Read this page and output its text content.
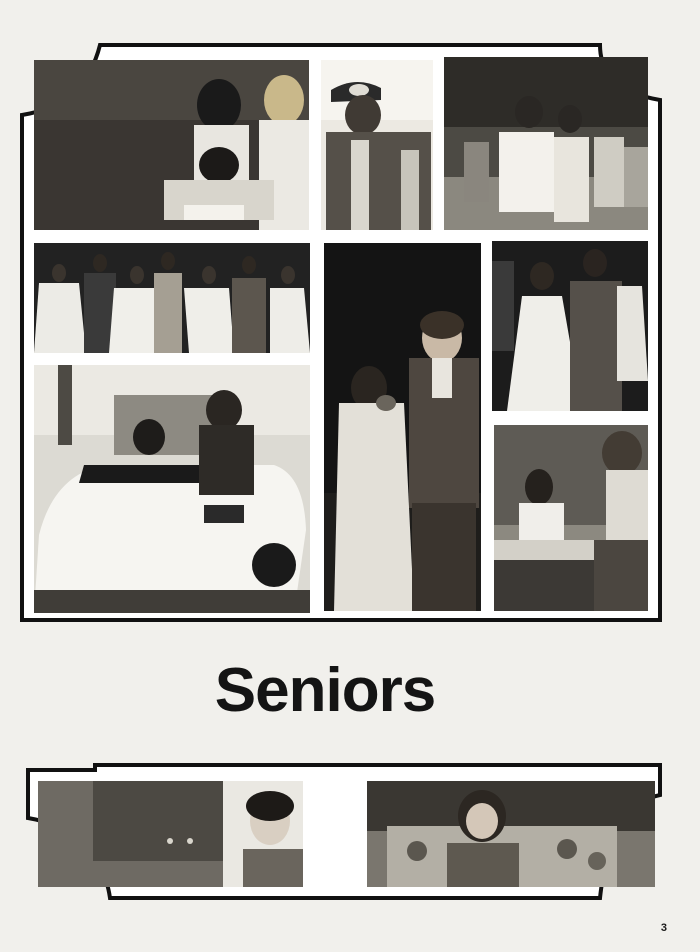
Seniors
3
